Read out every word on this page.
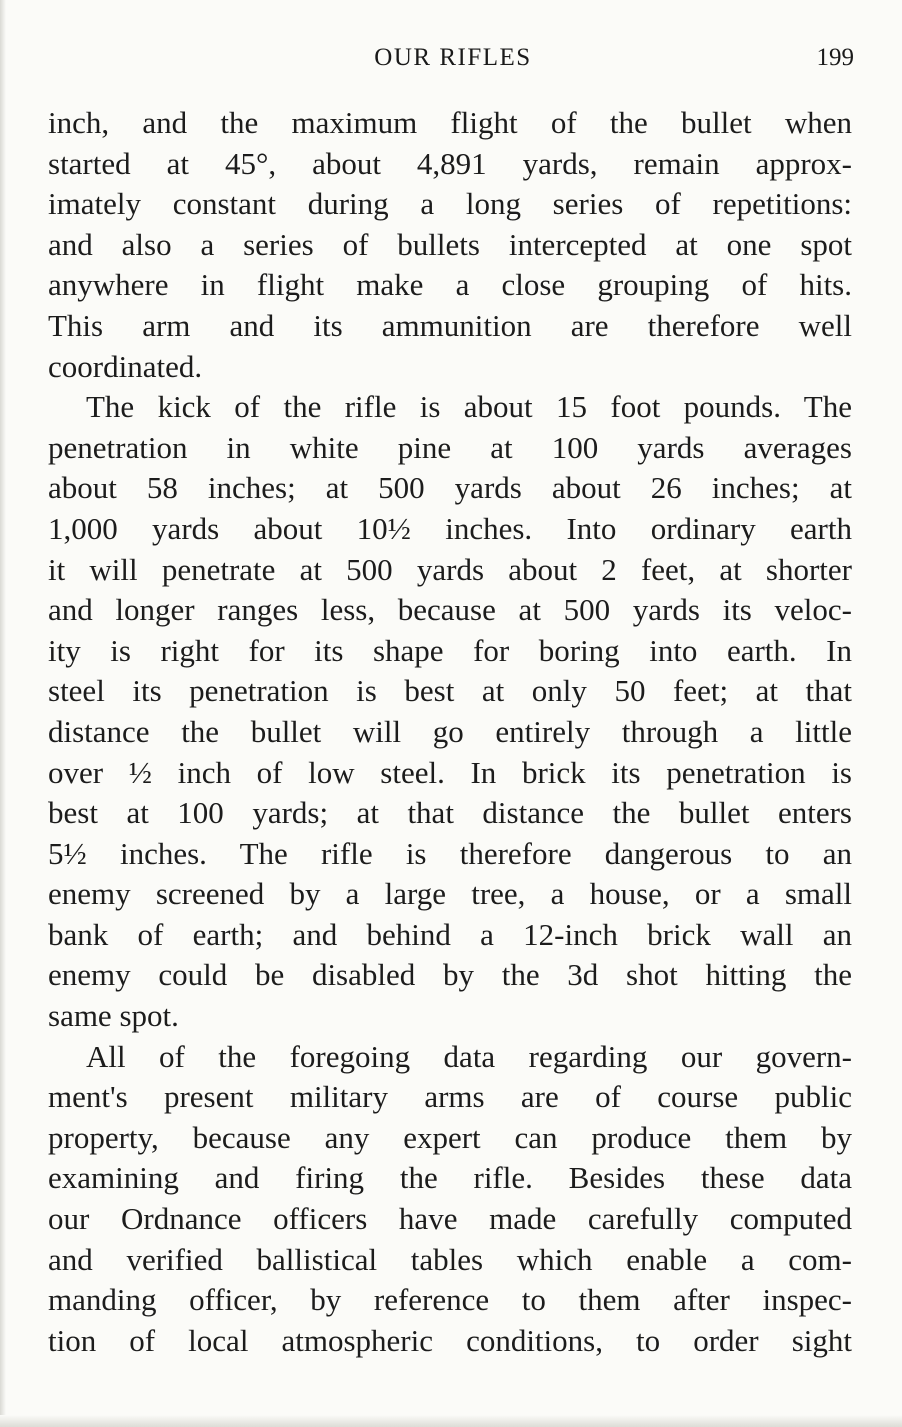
OUR RIFLES	199
inch, and the maximum flight of the bullet when
started at 45°, about 4,891 yards, remain approx-
imately constant during a long series of repetitions:
and also a series of bullets intercepted at one spot
anywhere in flight make a close grouping of hits.
This arm and its ammunition are therefore well
coordinated.
The kick of the rifle is about 15 foot pounds. The
penetration in white pine at 100 yards averages
about 58 inches; at 500 yards about 26 inches; at
1,000 yards about 10½ inches. Into ordinary earth
it will penetrate at 500 yards about 2 feet, at shorter
and longer ranges less, because at 500 yards its veloc-
ity is right for its shape for boring into earth. In
steel its penetration is best at only 50 feet; at that
distance the bullet will go entirely through a little
over ½ inch of low steel. In brick its penetration is
best at 100 yards; at that distance the bullet enters
5½ inches. The rifle is therefore dangerous to an
enemy screened by a large tree, a house, or a small
bank of earth; and behind a 12-inch brick wall an
enemy could be disabled by the 3d shot hitting the
same spot.
All of the foregoing data regarding our govern-
ment's present military arms are of course public
property, because any expert can produce them by
examining and firing the rifle. Besides these data
our Ordnance officers have made carefully computed
and verified ballistical tables which enable a com-
manding officer, by reference to them after inspec-
tion of local atmospheric conditions, to order sight
